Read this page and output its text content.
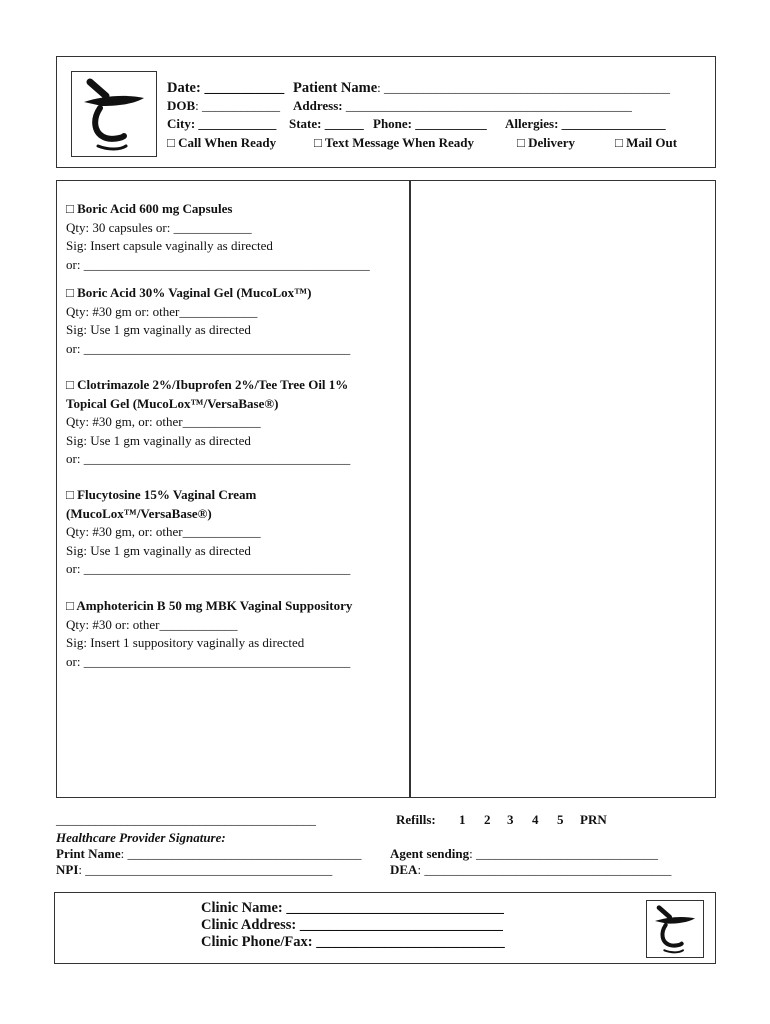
Date: ___________ Patient Name: ____________________________________________
DOB: ____________ Address: ____________________________________________
City: ____________ State: ______ Phone: ___________ Allergies: ________________
□ Call When Ready	□ Text Message When Ready	□ Delivery	□ Mail Out
□ Boric Acid 600 mg Capsules
Qty: 30 capsules or: ____________
Sig: Insert capsule vaginally as directed
or: ____________________________________________
□ Boric Acid 30% Vaginal Gel (MucoLox™)
Qty: #30 gm or: other____________
Sig: Use 1 gm vaginally as directed
or: _________________________________________
□ Clotrimazole 2%/Ibuprofen 2%/Tee Tree Oil 1%
Topical Gel (MucoLox™/VersaBase®)
Qty: #30 gm, or: other____________
Sig: Use 1 gm vaginally as directed
or: _________________________________________
□ Flucytosine 15% Vaginal Cream
(MucoLox™/VersaBase®)
Qty: #30 gm, or: other____________
Sig: Use 1 gm vaginally as directed
or: _________________________________________
□ Amphotericin B 50 mg MBK Vaginal Suppository
Qty: #30 or: other____________
Sig: Insert 1 suppository vaginally as directed
or: _________________________________________
________________________________________
Healthcare Provider Signature:
Refills: 1 2 3 4 5 PRN
Print Name: ____________________________________
NPI: ______________________________________
Agent sending: ____________________________
DEA: ______________________________________
Clinic Name: ______________________________
Clinic Address: ____________________________
Clinic Phone/Fax: __________________________
